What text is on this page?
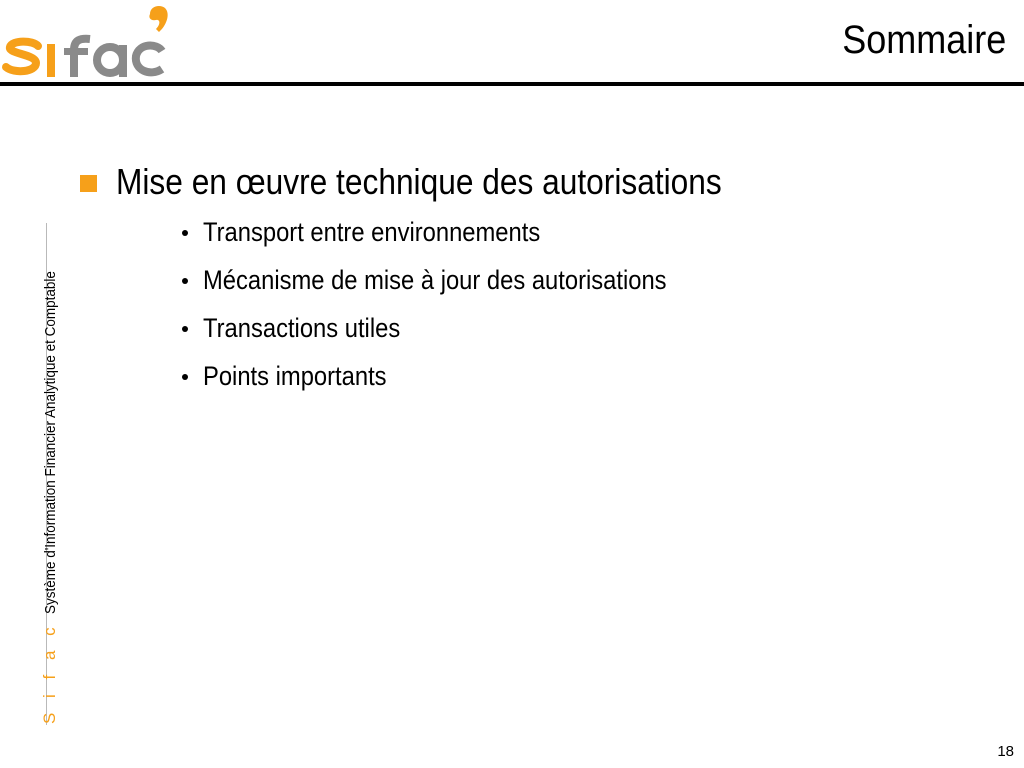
Sommaire
S i f a c
Système d'Information Financier Analytique et Comptable
Mise en œuvre technique des autorisations
Transport entre environnements
Mécanisme de mise à jour des autorisations
Transactions utiles
Points importants
18
